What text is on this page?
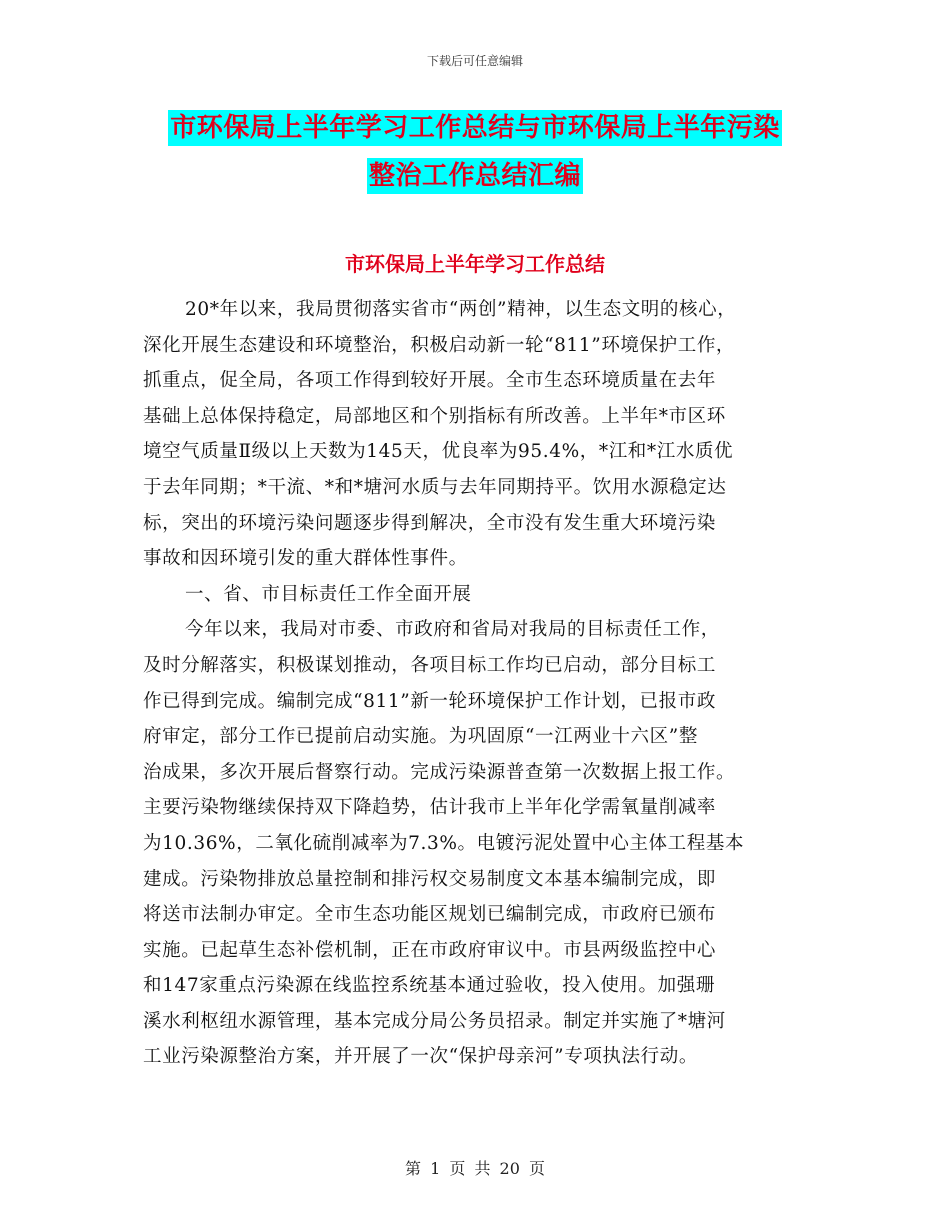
下载后可任意编辑
市环保局上半年学习工作总结与市环保局上半年污染
整治工作总结汇编
市环保局上半年学习工作总结
20*年以来，我局贯彻落实省市“两创”精神，以生态文明的核心，
深化开展生态建设和环境整治，积极启动新一轮“811”环境保护工作，
抓重点，促全局，各项工作得到较好开展。全市生态环境质量在去年
基础上总体保持稳定，局部地区和个别指标有所改善。上半年*市区环
境空气质量Ⅱ级以上天数为145天，优良率为95.4%，*江和*江水质优
于去年同期；*干流、*和*塘河水质与去年同期持平。饮用水源稳定达
标，突出的环境污染问题逐步得到解决，全市没有发生重大环境污染
事故和因环境引发的重大群体性事件。
一、省、市目标责任工作全面开展
今年以来，我局对市委、市政府和省局对我局的目标责任工作，
及时分解落实，积极谋划推动，各项目标工作均已启动，部分目标工
作已得到完成。编制完成“811”新一轮环境保护工作计划，已报市政
府审定，部分工作已提前启动实施。为巩固原“一江两业十六区”整
治成果，多次开展后督察行动。完成污染源普查第一次数据上报工作。
主要污染物继续保持双下降趋势，估计我市上半年化学需氧量削减率
为10.36%，二氧化硫削减率为7.3%。电镀污泥处置中心主体工程基本
建成。污染物排放总量控制和排污权交易制度文本基本编制完成，即
将送市法制办审定。全市生态功能区规划已编制完成，市政府已颁布
实施。已起草生态补偿机制，正在市政府审议中。市县两级监控中心
和147家重点污染源在线监控系统基本通过验收，投入使用。加强珊
溪水利枢纽水源管理，基本完成分局公务员招录。制定并实施了*塘河
工业污染源整治方案，并开展了一次“保护母亲河”专项执法行动。
第 1 页 共 20 页
